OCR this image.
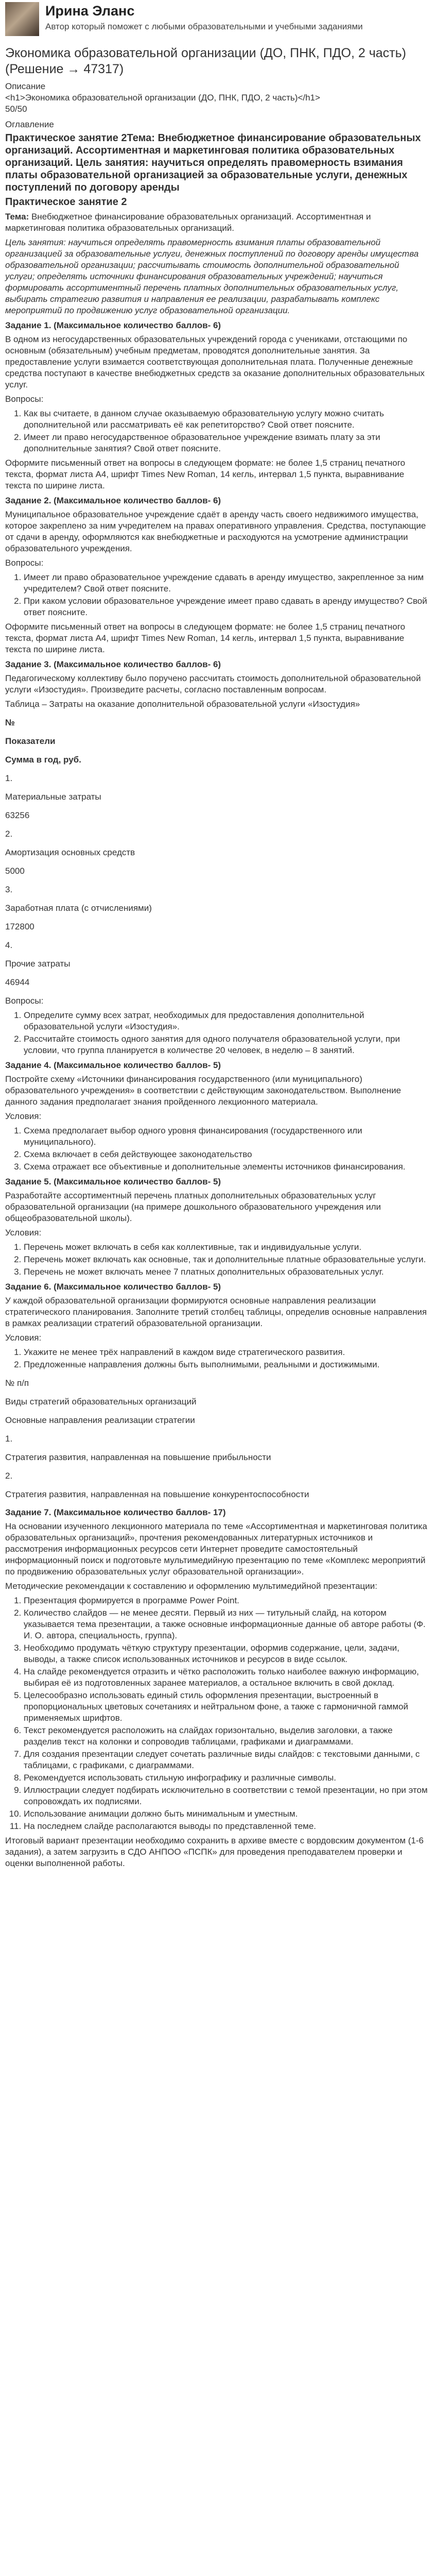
Ирина Эланс
Автор который поможет с любыми образовательными и учебными заданиями
Экономика образовательной организации (ДО, ПНК, ПДО, 2 часть) (Решение → 47317)
Описание
<h1>Экономика образовательной организации (ДО, ПНК, ПДО, 2 часть)</h1>
50/50
Оглавление
Практическое занятие 2Тема: Внебюджетное финансирование образовательных организаций. Ассортиментная и маркетинговая политика образовательных организаций. Цель занятия: научиться определять правомерность взимания платы образовательной организацией за образовательные услуги, денежных поступлений по договору аренды
Практическое занятие 2

Тема: Внебюджетное финансирование образовательных организаций. Ассортиментная и маркетинговая политика образовательных организаций.

Цель занятия: научиться определять правомерность взимания платы образовательной организацией за образовательные услуги, денежных поступлений по договору аренды имущества образовательной организации; рассчитывать стоимость дополнительной образовательной услуги; определять источники финансирования образовательных учреждений; научиться формировать ассортиментный перечень платных дополнительных образовательных услуг, выбирать стратегию развития и направления ее реализации, разрабатывать комплекс мероприятий по продвижению услуг образовательной организации.

Задание 1. (Максимальное количество баллов- 6)

В одном из негосударственных образовательных учреждений города с учениками, отстающими по основным (обязательным) учебным предметам, проводятся дополнительные занятия. За предоставление услуги взимается соответствующая дополнительная плата. Полученные денежные средства поступают в качестве внебюджетных средств за оказание дополнительных образовательных услуг.

Вопросы:

1. Как вы считаете, в данном случае оказываемую образовательную услугу можно считать дополнительной или рассматривать её как репетиторство? Свой ответ поясните.
2. Имеет ли право негосударственное образовательное учреждение взимать плату за эти дополнительные занятия? Свой ответ поясните.

Оформите письменный ответ на вопросы в следующем формате: не более 1,5 страниц печатного текста, формат листа А4, шрифт Times New Roman, 14 кегль, интервал 1,5 пункта, выравнивание текста по ширине листа.

Задание 2. (Максимальное количество баллов- 6)

Муниципальное образовательное учреждение сдаёт в аренду часть своего недвижимого имущества, которое закреплено за ним учредителем на правах оперативного управления. Средства, поступающие от сдачи в аренду, оформляются как внебюджетные и расходуются на усмотрение администрации образовательного учреждения.

Вопросы:

1. Имеет ли право образовательное учреждение сдавать в аренду имущество, закрепленное за ним учредителем? Свой ответ поясните.
2. При каком условии образовательное учреждение имеет право сдавать в аренду имущество? Свой ответ поясните.

Оформите письменный ответ на вопросы в следующем формате: не более 1,5 страниц печатного текста, формат листа А4, шрифт Times New Roman, 14 кегль, интервал 1,5 пункта, выравнивание текста по ширине листа.

Задание 3. (Максимальное количество баллов- 6)

Педагогическому коллективу было поручено рассчитать стоимость дополнительной образовательной услуги «Изостудия». Произведите расчеты, согласно поставленным вопросам.

Таблица – Затраты на оказание дополнительной образовательной услуги «Изостудия»

№
Показатели
Сумма в год, руб.
1.
Материальные затраты
63256
2.
Амортизация основных средств
5000
3.
Заработная плата (с отчислениями)
172800
4.
Прочие затраты
46944

Вопросы:

1. Определите сумму всех затрат, необходимых для предоставления дополнительной образовательной услуги «Изостудия».
2. Рассчитайте стоимость одного занятия для одного получателя образовательной услуги, при условии, что группа планируется в количестве 20 человек, в неделю – 8 занятий.
Задание 4. (Максимальное количество баллов- 5)

Постройте схему «Источники финансирования государственного (или муниципального) образовательного учреждения» в соответствии с действующим законодательством. Выполнение данного задания предполагает знания пройденного лекционного материала.

Условия:

1. Схема предполагает выбор одного уровня финансирования (государственного или муниципального).
2. Схема включает в себя действующее законодательство
3. Схема отражает все объективные и дополнительные элементы источников финансирования.
Задание 5. (Максимальное количество баллов- 5)

Разработайте ассортиментный перечень платных дополнительных образовательных услуг образовательной организации (на примере дошкольного образовательного учреждения или общеобразовательной школы).

Условия:

1. Перечень может включать в себя как коллективные, так и индивидуальные услуги.
2. Перечень может включать как основные, так и дополнительные платные образовательные услуги.
3. Перечень не может включать менее 7 платных дополнительных образовательных услуг.
Задание 6. (Максимальное количество баллов- 5)

У каждой образовательной организации формируются основные направления реализации стратегического планирования. Заполните третий столбец таблицы, определив основные направления в рамках реализации стратегий образовательной организации.

Условия:

1. Укажите не менее трёх направлений в каждом виде стратегического развития.
2. Предложенные направления должны быть выполнимыми, реальными и достижимыми.
№ п/п
Виды стратегий образовательных организаций
Основные направления реализации стратегии
1.
Стратегия развития, направленная на повышение прибыльности
2.
Стратегия развития, направленная на повышение конкурентоспособности
Задание 7. (Максимальное количество баллов- 17)

На основании изученного лекционного материала по теме «Ассортиментная и маркетинговая политика образовательных организаций», прочтения рекомендованных литературных источников и рассмотрения информационных ресурсов сети Интернет проведите самостоятельный информационный поиск и подготовьте мультимедийную презентацию по теме «Комплекс мероприятий по продвижению образовательных услуг образовательной организации».

Методические рекомендации к составлению и оформлению мультимедийной презентации:

1. Презентация формируется в программе Power Point.
2. Количество слайдов — не менее десяти. Первый из них — титульный слайд, на котором указывается тема презентации, а также основные информационные данные об авторе работы (Ф. И. О. автора, специальность, группа).
3. Необходимо продумать чёткую структуру презентации, оформив содержание, цели, задачи, выводы, а также список использованных источников и ресурсов в виде ссылок.
4. На слайде рекомендуется отразить и чётко расположить только наиболее важную информацию, выбирая её из подготовленных заранее материалов, а остальное включить в свой доклад.
5. Целесообразно использовать единый стиль оформления презентации, выстроенный в пропорциональных цветовых сочетаниях и нейтральном фоне, а также с гармоничной гаммой применяемых шрифтов.
6. Текст рекомендуется расположить на слайдах горизонтально, выделив заголовки, а также разделив текст на колонки и сопроводив таблицами, графиками и диаграммами.
7. Для создания презентации следует сочетать различные виды слайдов: с текстовыми данными, с таблицами, с графиками, с диаграммами.
8. Рекомендуется использовать стильную инфографику и различные символы.
9. Иллюстрации следует подбирать исключительно в соответствии с темой презентации, но при этом сопровождать их подписями.
10. Использование анимации должно быть минимальным и уместным.
11. На последнем слайде располагаются выводы по представленной теме.

Итоговый вариант презентации необходимо сохранить в архиве вместе с вордовским документом (1-6 задания), а затем загрузить в СДО АНПОО «ПСПК» для проведения преподавателем проверки и оценки выполненной работы.
